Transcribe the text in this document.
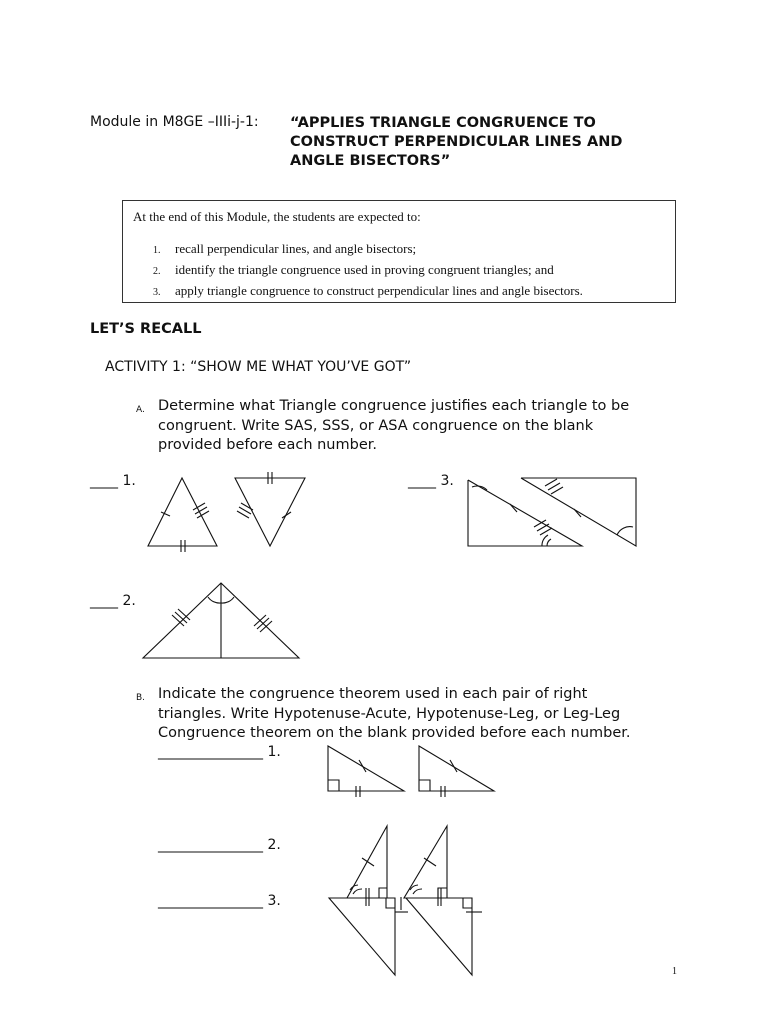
Module in M8GE –IIIi-j-1: “APPLIES TRIANGLE CONGRUENCE TO
CONSTRUCT PERPENDICULAR LINES AND
ANGLE BISECTORS”
At the end of this Module, the students are expected to:
1. recall perpendicular lines, and angle bisectors;
2. identify the triangle congruence used in proving congruent triangles; and
3. apply triangle congruence to construct perpendicular lines and angle bisectors.
LET’S RECALL
ACTIVITY 1: “SHOW ME WHAT YOU’VE GOT”
A. Determine what Triangle congruence justifies each triangle to be
congruent. Write SAS, SSS, or ASA congruence on the blank
provided before each number.
____ 1.	____ 3.
____ 2.
B. Indicate the congruence theorem used in each pair of right
triangles. Write Hypotenuse-Acute, Hypotenuse-Leg, or Leg-Leg
Congruence theorem on the blank provided before each number.
_______________ 1.
_______________ 2.
_______________ 3.
1
